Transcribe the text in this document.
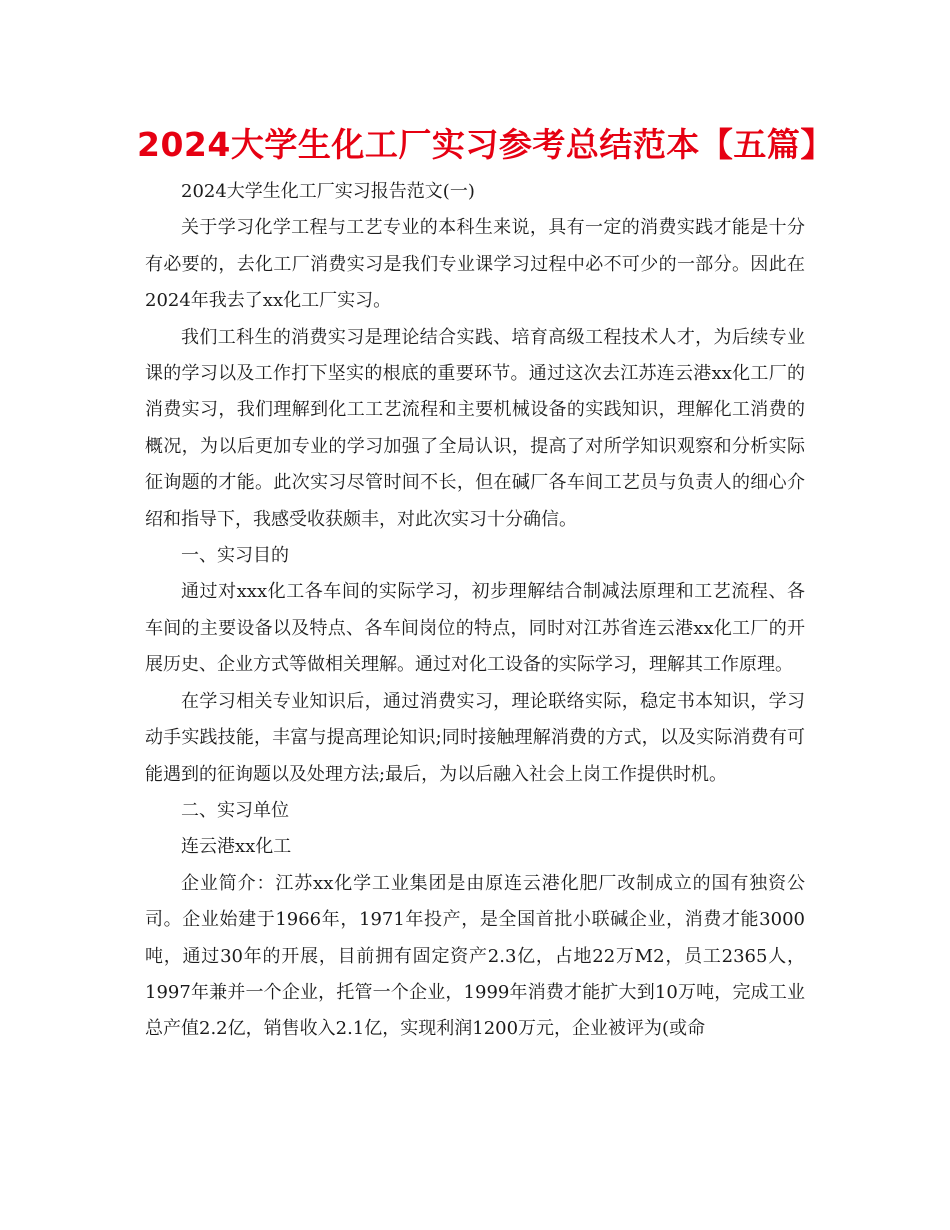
2024大学生化工厂实习参考总结范本【五篇】

2024大学生化工厂实习报告范文(一)

关于学习化学工程与工艺专业的本科生来说，具有一定的消费实践才能是十分有必要的，去化工厂消费实习是我们专业课学习过程中必不可少的一部分。因此在2024年我去了xx化工厂实习。

我们工科生的消费实习是理论结合实践、培育高级工程技术人才，为后续专业课的学习以及工作打下坚实的根底的重要环节。通过这次去江苏连云港xx化工厂的消费实习，我们理解到化工工艺流程和主要机械设备的实践知识，理解化工消费的概况，为以后更加专业的学习加强了全局认识，提高了对所学知识观察和分析实际征询题的才能。此次实习尽管时间不长，但在碱厂各车间工艺员与负责人的细心介绍和指导下，我感受收获颇丰，对此次实习十分确信。

一、实习目的

通过对xxx化工各车间的实际学习，初步理解结合制减法原理和工艺流程、各车间的主要设备以及特点、各车间岗位的特点，同时对江苏省连云港xx化工厂的开展历史、企业方式等做相关理解。通过对化工设备的实际学习，理解其工作原理。

在学习相关专业知识后，通过消费实习，理论联络实际，稳定书本知识，学习动手实践技能，丰富与提高理论知识;同时接触理解消费的方式，以及实际消费有可能遇到的征询题以及处理方法;最后，为以后融入社会上岗工作提供时机。

二、实习单位

连云港xx化工

企业简介：江苏xx化学工业集团是由原连云港化肥厂改制成立的国有独资公司。企业始建于1966年，1971年投产，是全国首批小联碱企业，消费才能3000吨，通过30年的开展，目前拥有固定资产2.3亿，占地22万M2，员工2365人，1997年兼并一个企业，托管一个企业，1999年消费才能扩大到10万吨，完成工业总产值2.2亿，销售收入2.1亿，实现利润1200万元，企业被评为(或命
